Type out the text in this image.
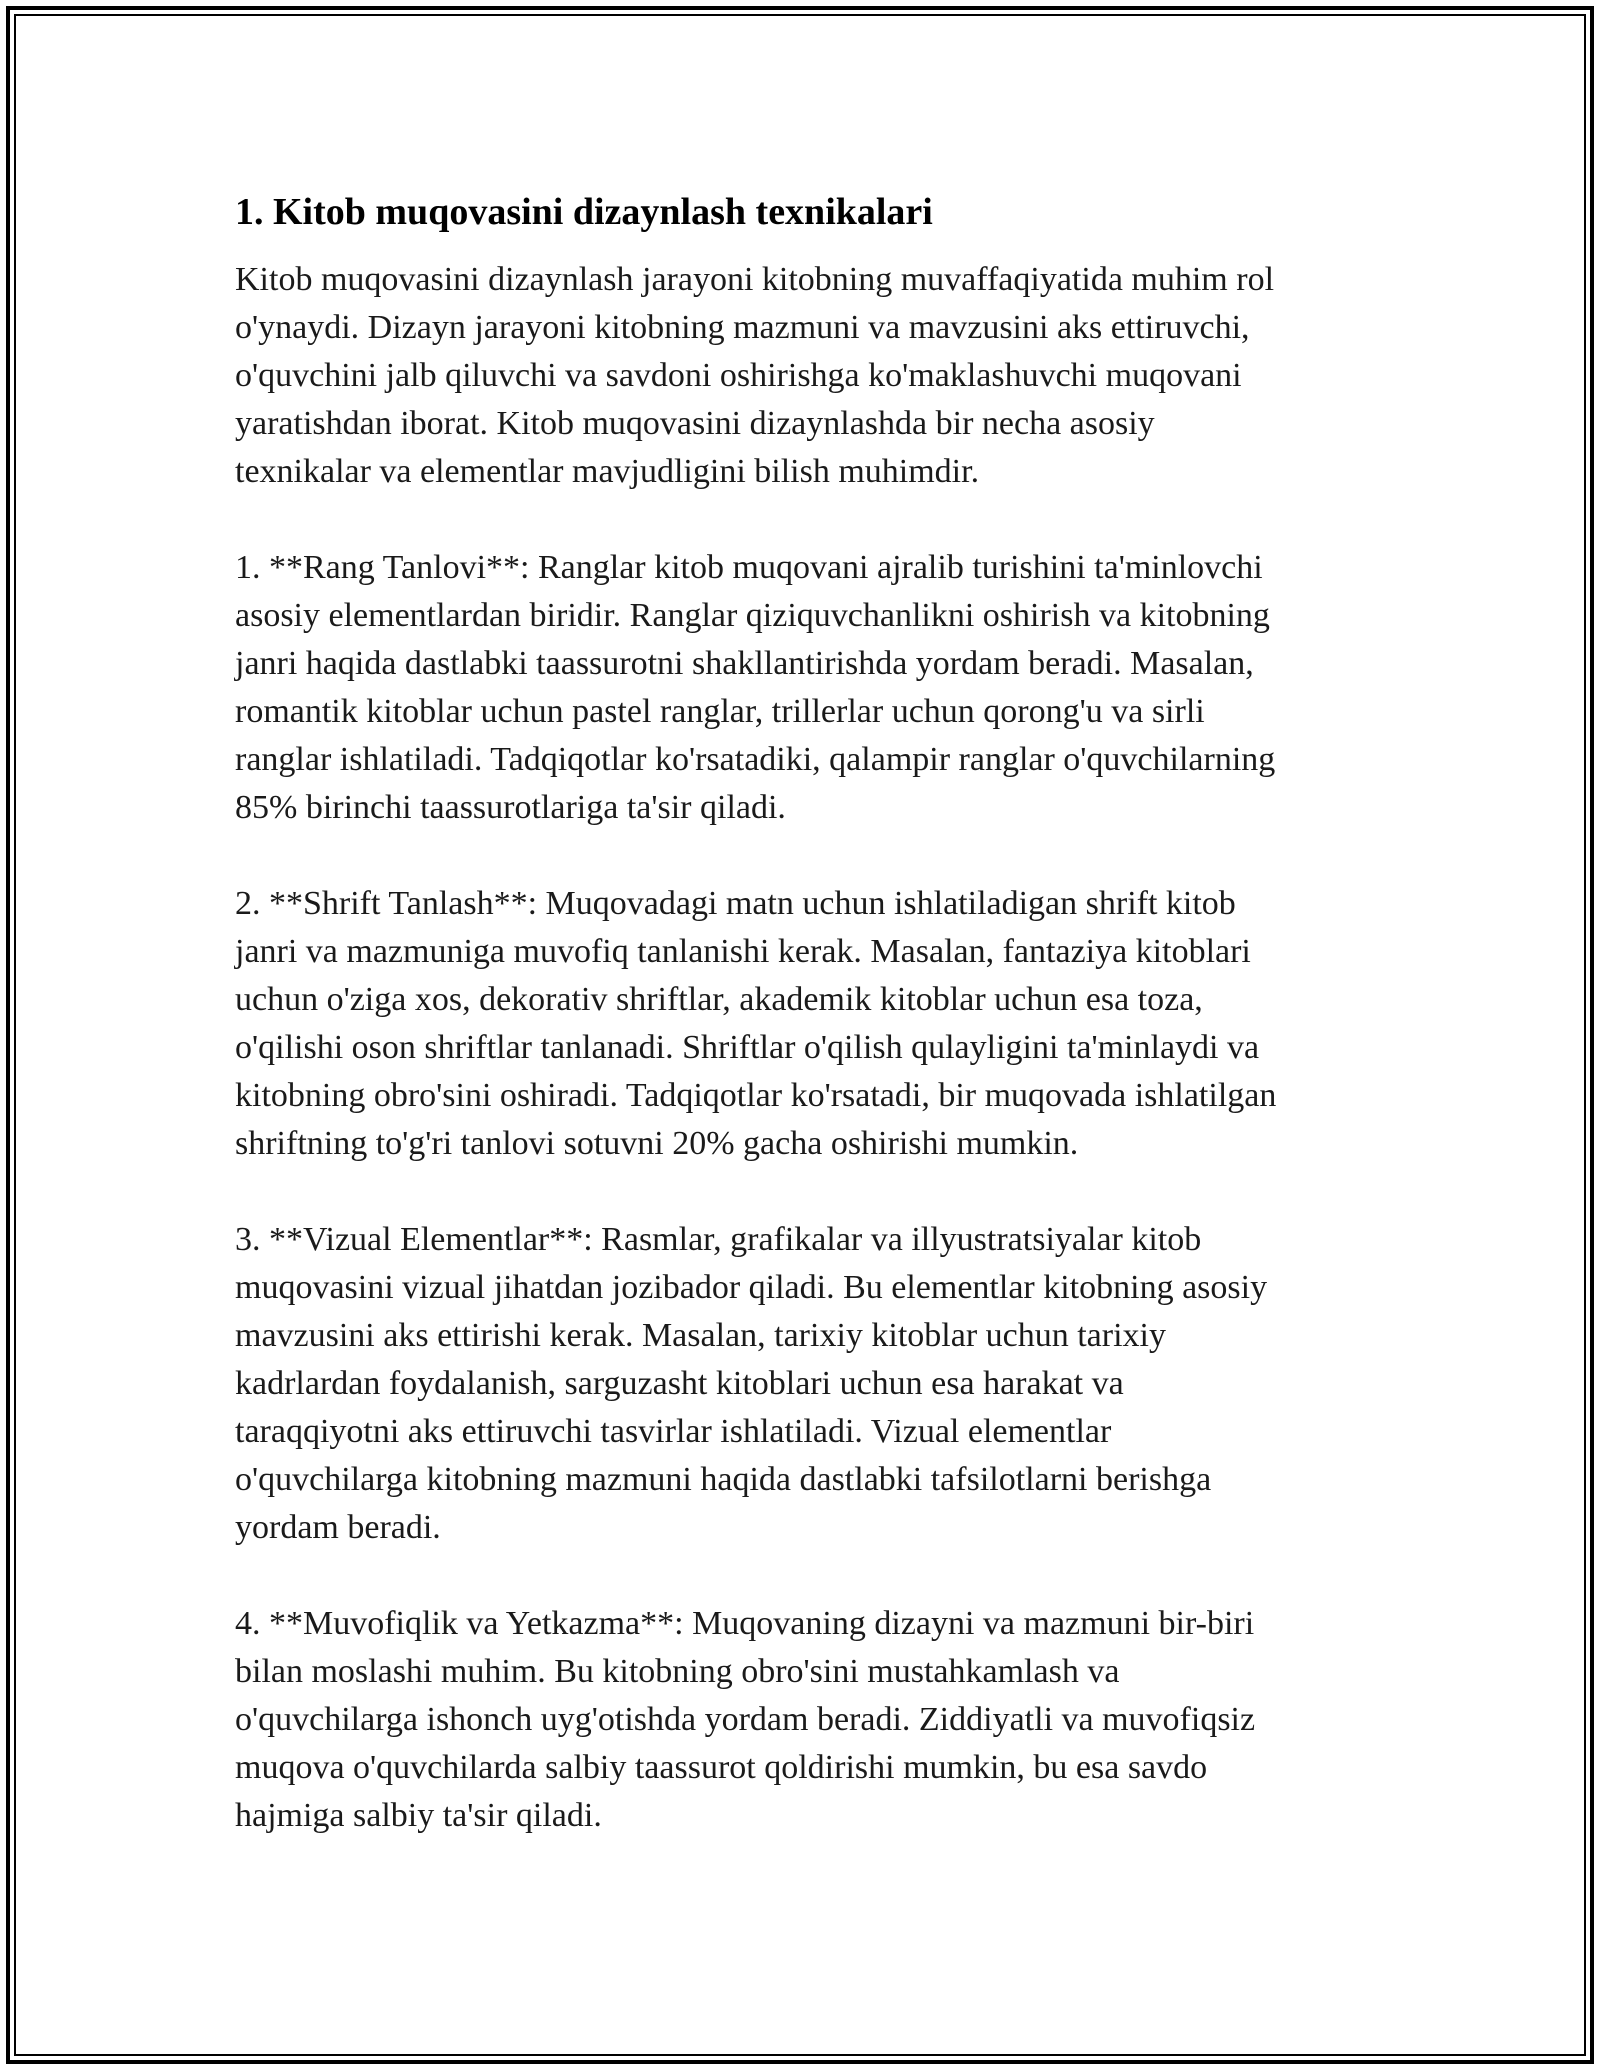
1. Kitob muqovasini dizaynlash texnikalari

Kitob muqovasini dizaynlash jarayoni kitobning muvaffaqiyatida muhim rol
o'ynaydi. Dizayn jarayoni kitobning mazmuni va mavzusini aks ettiruvchi,
o'quvchini jalb qiluvchi va savdoni oshirishga ko'maklashuvchi muqovani
yaratishdan iborat. Kitob muqovasini dizaynlashda bir necha asosiy
texnikalar va elementlar mavjudligini bilish muhimdir.

1. **Rang Tanlovi**: Ranglar kitob muqovani ajralib turishini ta'minlovchi
asosiy elementlardan biridir. Ranglar qiziquvchanlikni oshirish va kitobning
janri haqida dastlabki taassurotni shakllantirishda yordam beradi. Masalan,
romantik kitoblar uchun pastel ranglar, trillerlar uchun qorong'u va sirli
ranglar ishlatiladi. Tadqiqotlar ko'rsatadiki, qalampir ranglar o'quvchilarning
85% birinchi taassurotlariga ta'sir qiladi.

2. **Shrift Tanlash**: Muqovadagi matn uchun ishlatiladigan shrift kitob
janri va mazmuniga muvofiq tanlanishi kerak. Masalan, fantaziya kitoblari
uchun o'ziga xos, dekorativ shriftlar, akademik kitoblar uchun esa toza,
o'qilishi oson shriftlar tanlanadi. Shriftlar o'qilish qulayligini ta'minlaydi va
kitobning obro'sini oshiradi. Tadqiqotlar ko'rsatadi, bir muqovada ishlatilgan
shriftning to'g'ri tanlovi sotuvni 20% gacha oshirishi mumkin.

3. **Vizual Elementlar**: Rasmlar, grafikalar va illyustratsiyalar kitob
muqovasini vizual jihatdan jozibador qiladi. Bu elementlar kitobning asosiy
mavzusini aks ettirishi kerak. Masalan, tarixiy kitoblar uchun tarixiy
kadrlardan foydalanish, sarguzasht kitoblari uchun esa harakat va
taraqqiyotni aks ettiruvchi tasvirlar ishlatiladi. Vizual elementlar
o'quvchilarga kitobning mazmuni haqida dastlabki tafsilotlarni berishga
yordam beradi.

4. **Muvofiqlik va Yetkazma**: Muqovaning dizayni va mazmuni bir-biri
bilan moslashi muhim. Bu kitobning obro'sini mustahkamlash va
o'quvchilarga ishonch uyg'otishda yordam beradi. Ziddiyatli va muvofiqsiz
muqova o'quvchilarda salbiy taassurot qoldirishi mumkin, bu esa savdo
hajmiga salbiy ta'sir qiladi.
